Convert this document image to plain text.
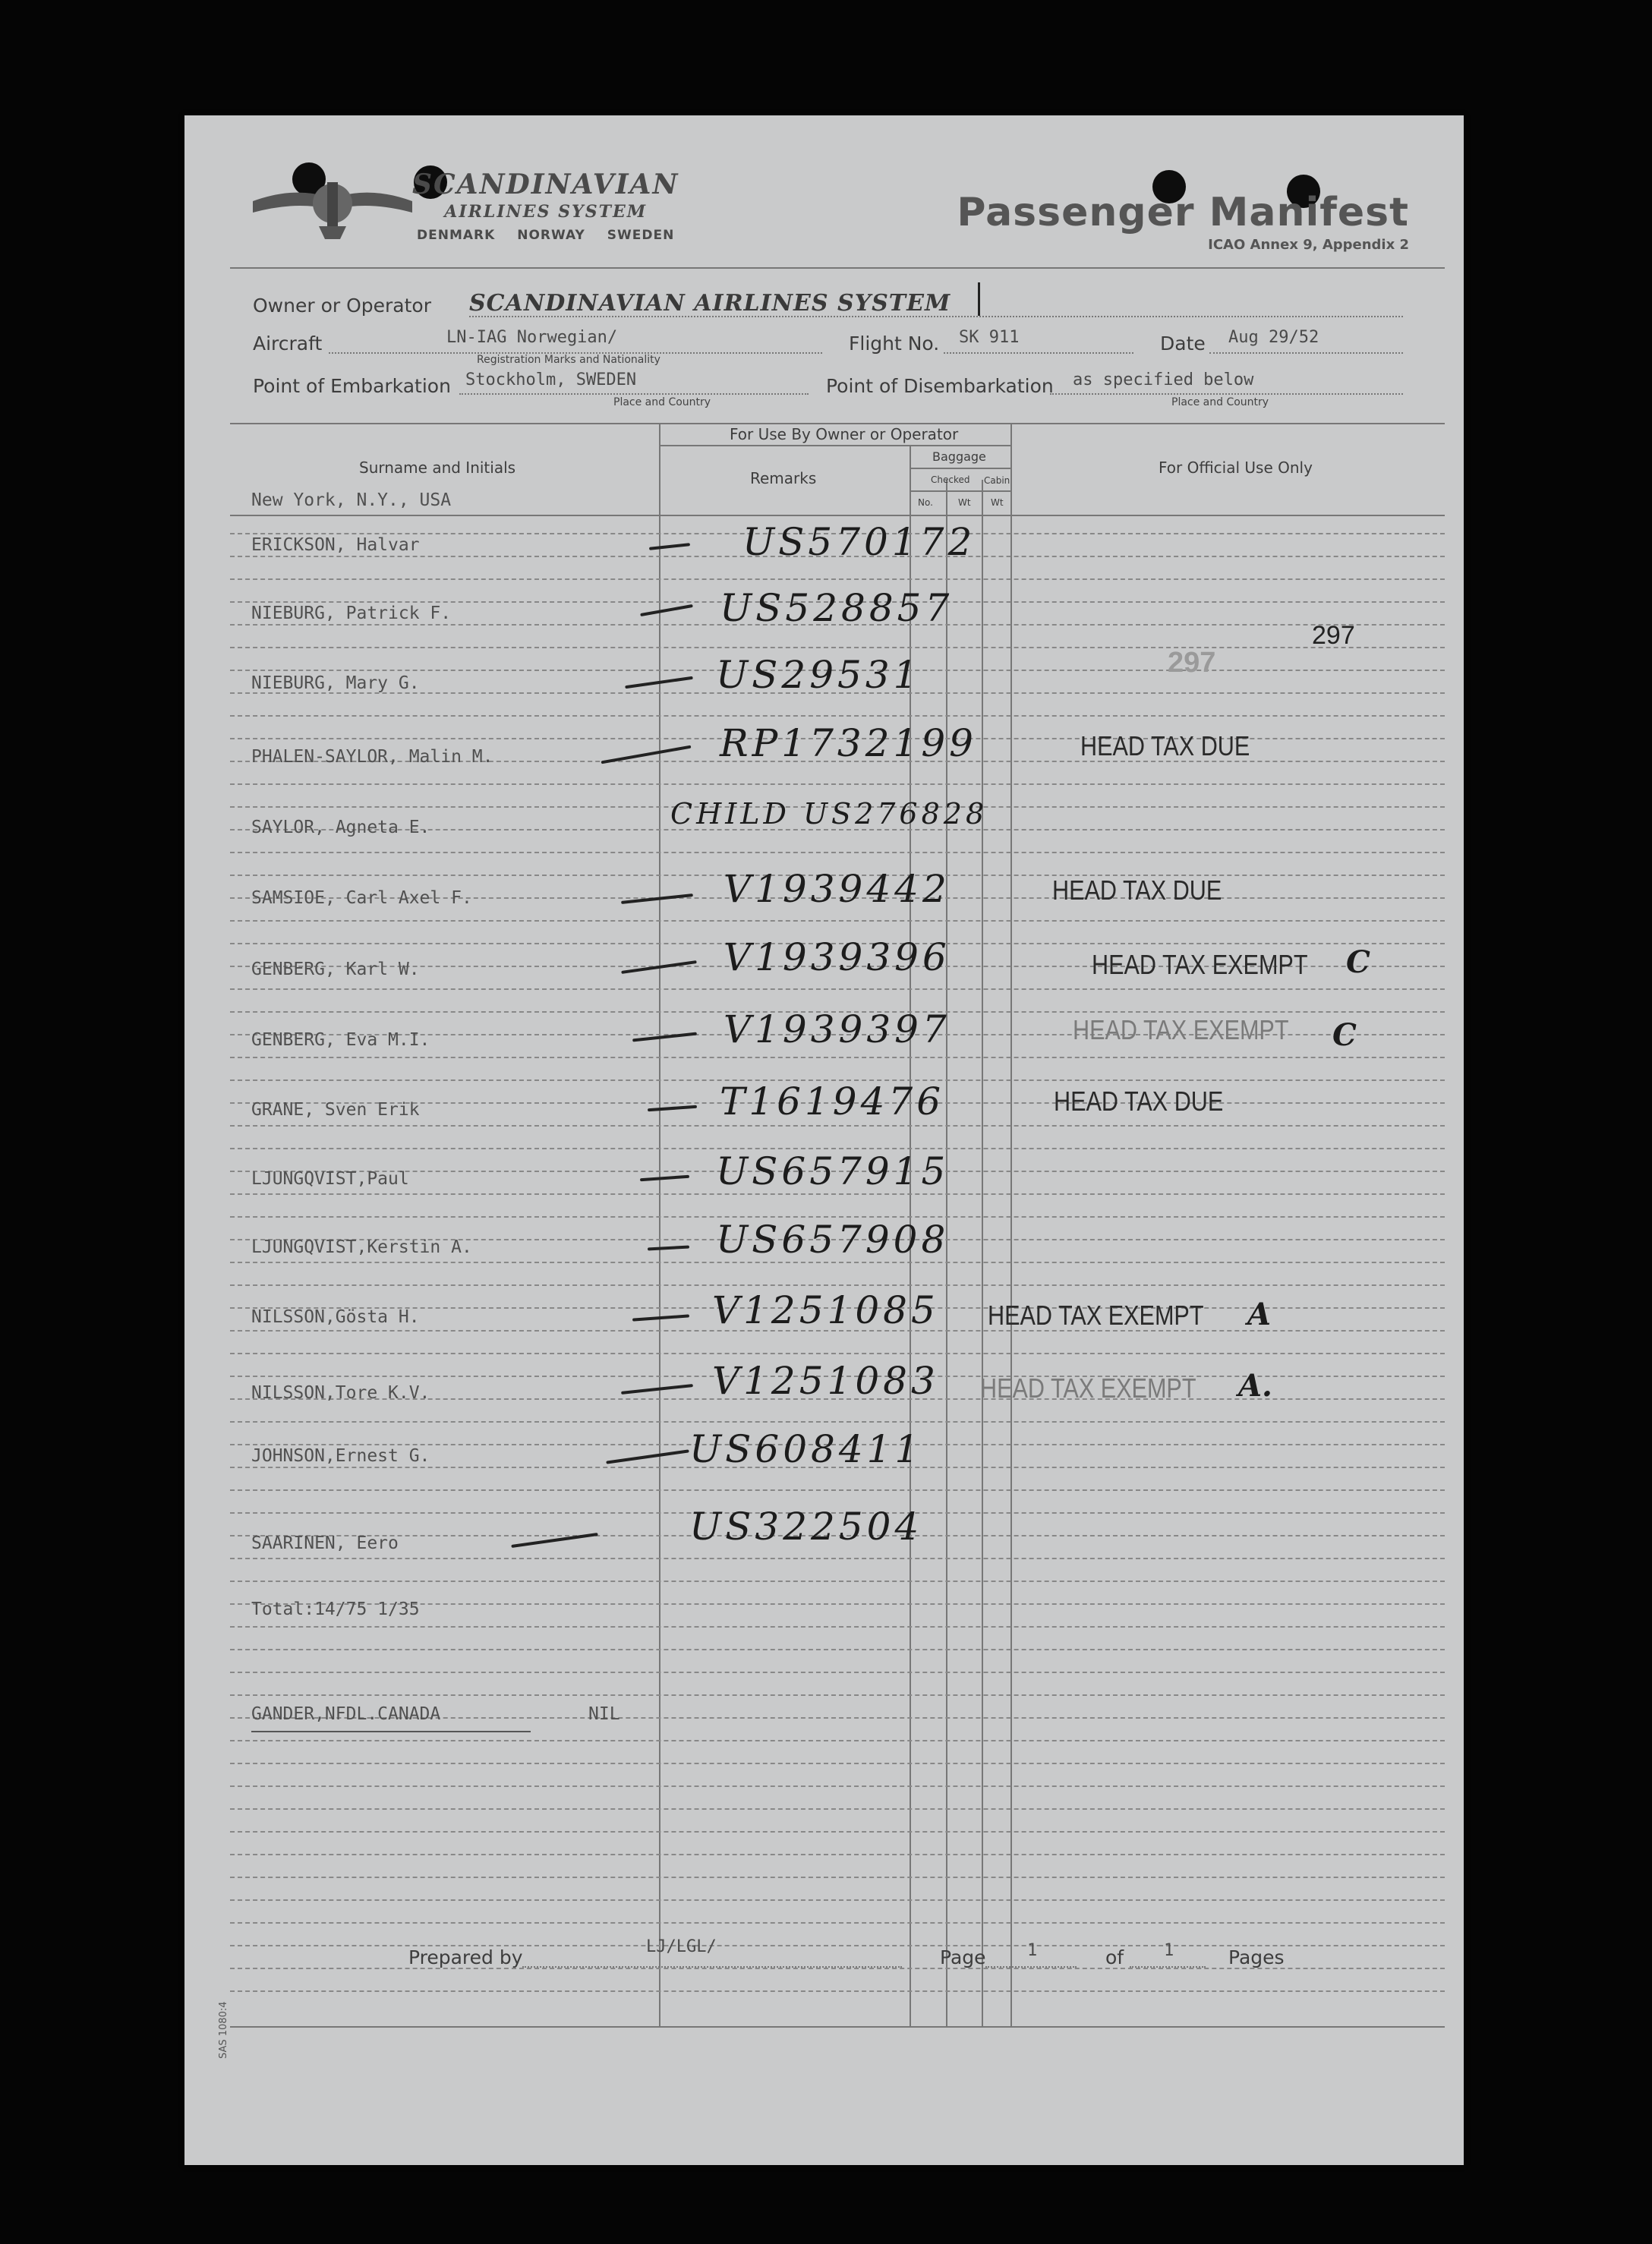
SCANDINAVIAN
AIRLINES SYSTEM
DENMARK NORWAY SWEDEN	Passenger Manifest
ICAO Annex 9, Appendix 2
Owner or Operator SCANDINAVIAN AIRLINES SYSTEM
Aircraft	LN-IAG Norwegian/
Registration Marks and Nationality
Flight No. SK 911	Date Aug 29/52
Point of Embarkation Stockholm, SWEDEN
Place and Country
Point of Disembarkation as specified below
Place and Country
Surname and Initials
For Use By Owner or Operator
Remarks
Baggage
Checked Cabin
No.	Wt Wt
For Official Use Only
New York, N.Y., USA
ERICKSON, Halvar	US570172
NIEBURG, Patrick F.	US528857
NIEBURG, Mary G.	US29531
PHALEN-SAYLOR, Malin M.	RP1732199	HEAD TAX DUE
SAYLOR, Agneta E.	CHILD US276828
SAMSIOE, Carl Axel F.	V1939442	HEAD TAX DUE
GENBERG, Karl W.	V1939396	HEAD TAX EXEMPT C
GENBERG, Eva M.I.	V1939397	HEAD TAX EXEMPT C
GRANE, Sven Erik	T1619476	HEAD TAX DUE
LJUNGQVIST,Paul	US657915
LJUNGQVIST,Kerstin A.	US657908
NILSSON,Gösta H.	V1251085 HEAD TAX EXEMPT A
NILSSON,Tore K.V.	V1251083 HEAD TAX EXEMPT A.
JOHNSON,Ernest G.	US608411
SAARINEN, Eero	US322504
297
297
Total:14/75 1/35
GANDER,NFDL.CANADA	NIL
Prepared by	LJ/LGL/	Page 1	of 1	Pages
SAS 1080:4
